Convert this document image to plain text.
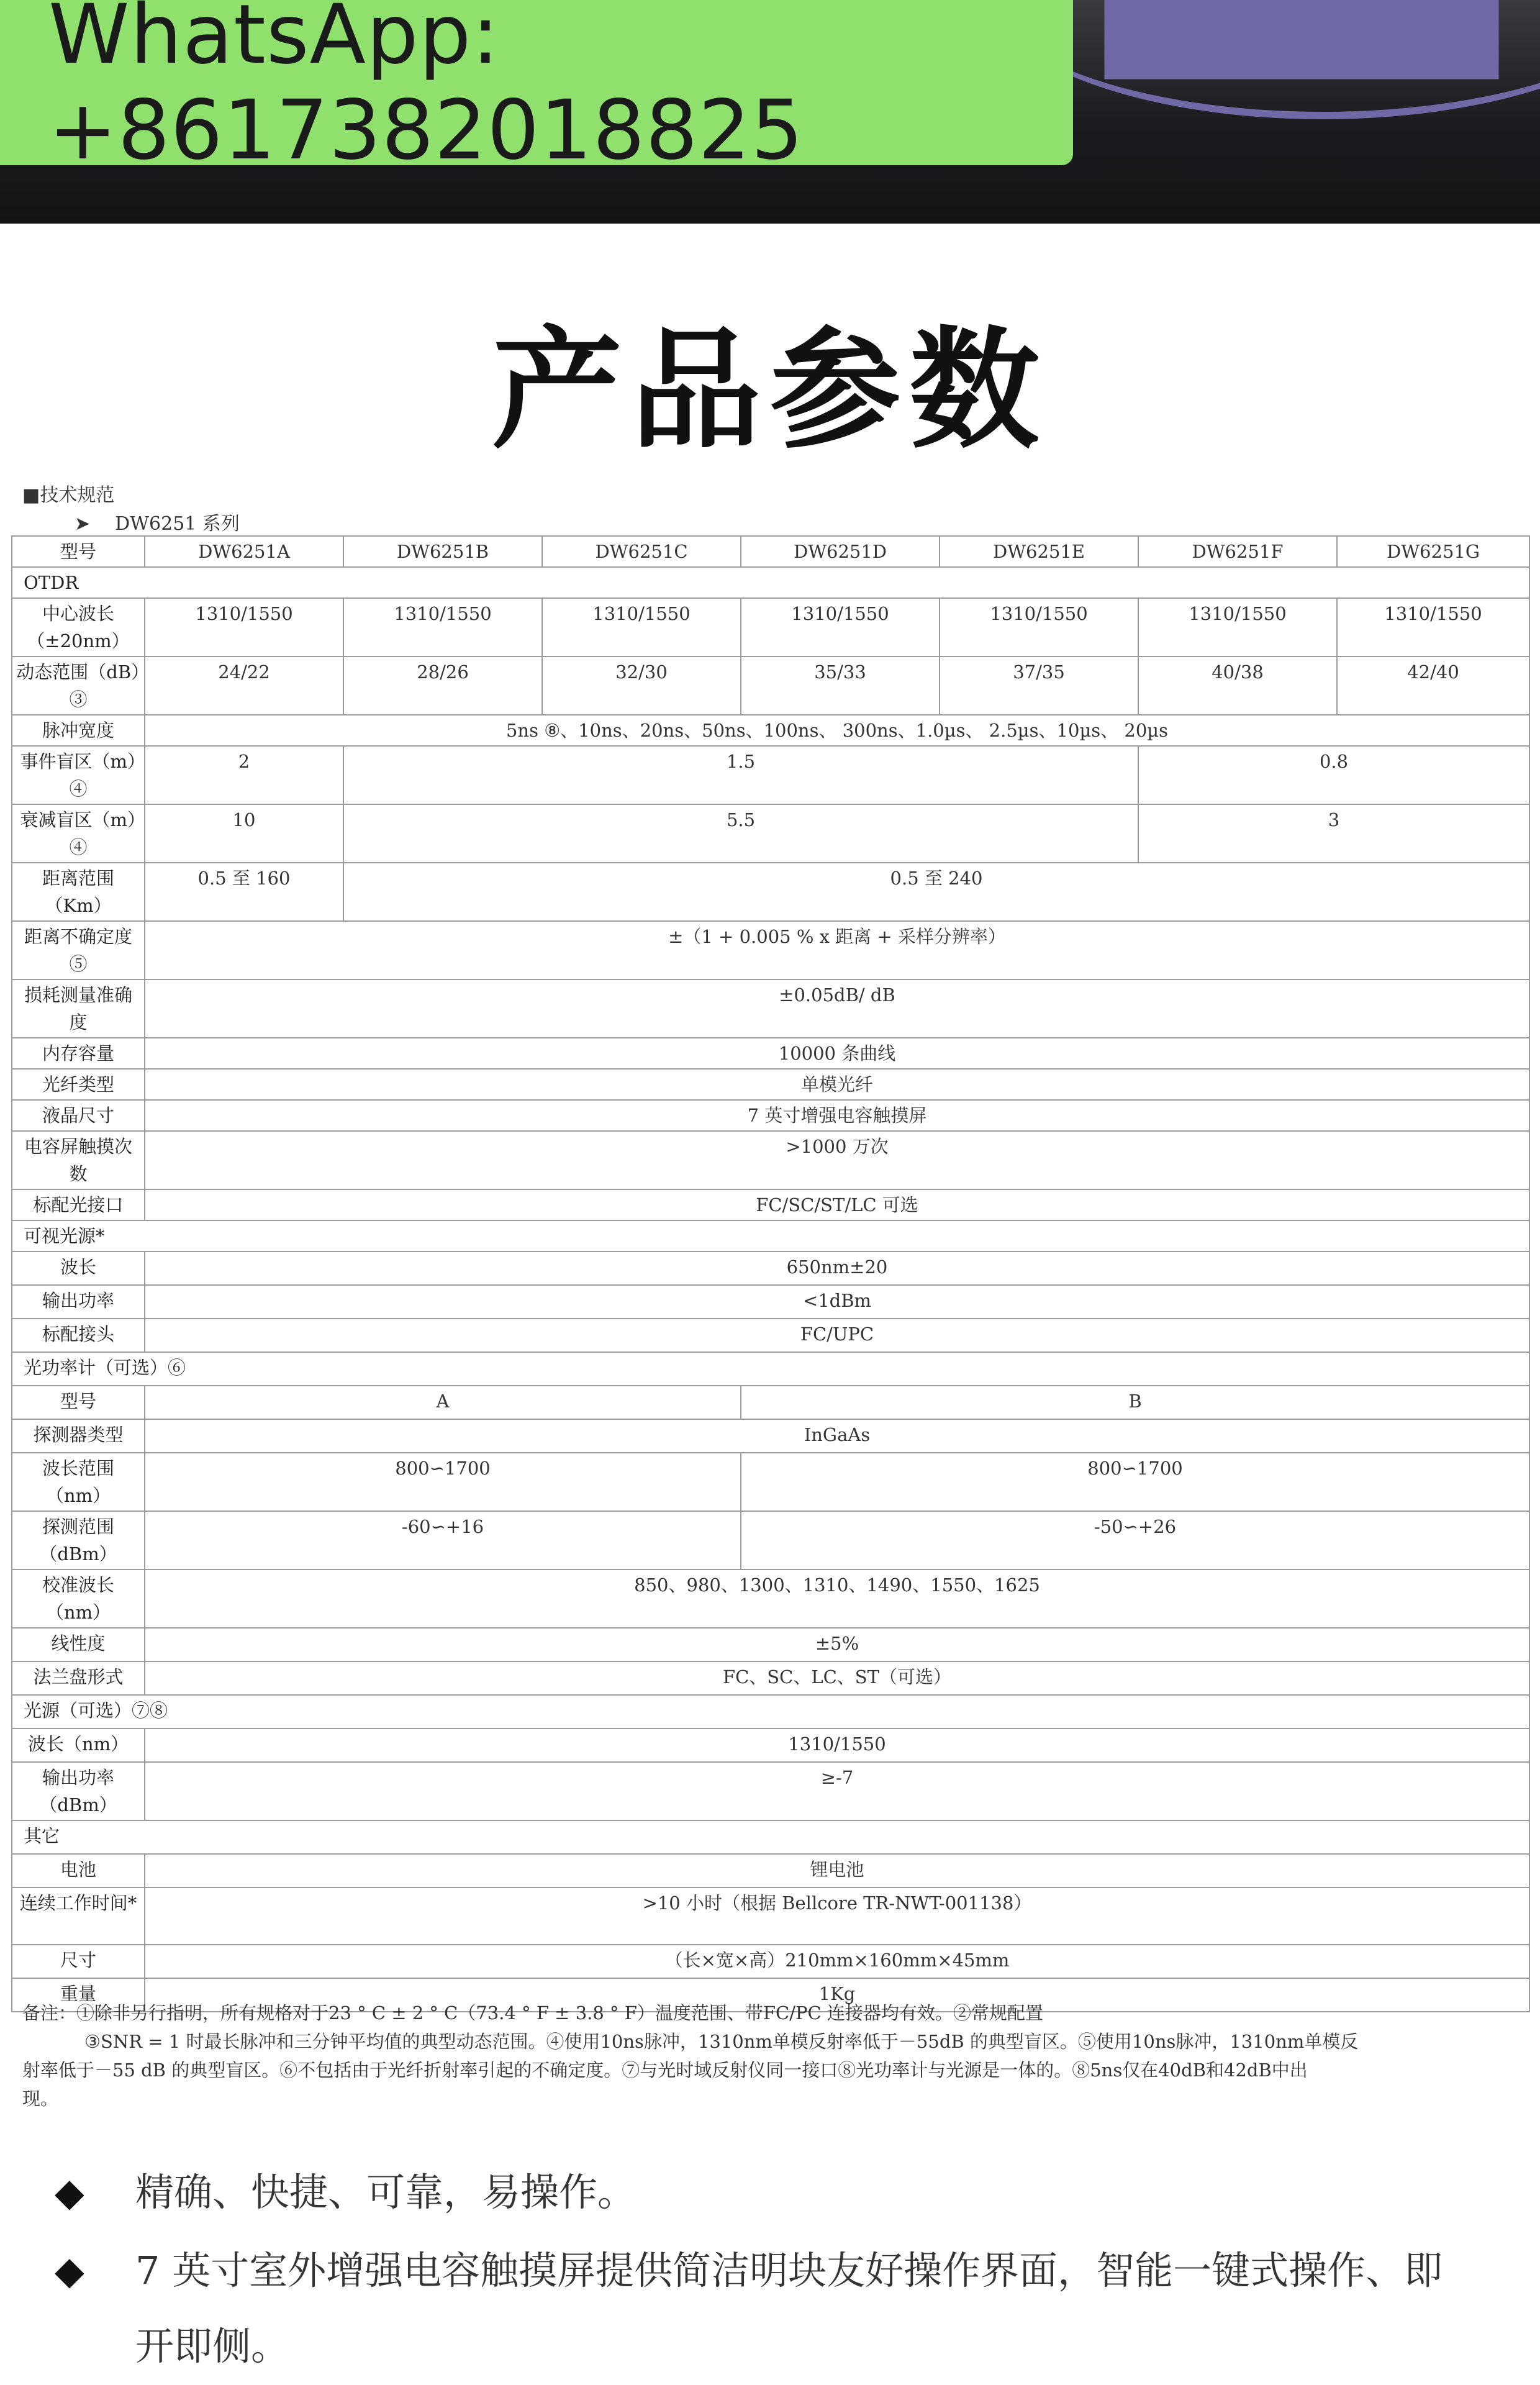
WhatsApp: +8617382018825
产品参数
■技术规范
➤ DW6251 系列
型号	DW6251A	DW6251B	DW6251C	DW6251D	DW6251E	DW6251F	DW6251G
OTDR							
中心波长（±20nm）	1310/1550	1310/1550	1310/1550	1310/1550	1310/1550	1310/1550	1310/1550
动态范围（dB）③	24/22	28/26	32/30	35/33	37/35	40/38	42/40
脉冲宽度	5ns ⑧、10ns、20ns、50ns、100ns、 300ns、1.0µs、 2.5µs、10µs、 20µs						
事件盲区（m）④	2	1.5				0.8	
衰减盲区（m）④	10	5.5				3	
距离范围（Km）	0.5 至 160	0.5 至 240					
距离不确定度⑤	±（1 + 0.005 % x 距离 + 采样分辨率）						
损耗测量准确度	±0.05dB/ dB						
内存容量	10000 条曲线						
光纤类型	单模光纤						
液晶尺寸	7 英寸增强电容触摸屏						
电容屏触摸次数	>1000 万次						
标配光接口	FC/SC/ST/LC 可选						
可视光源*							
波长	650nm±20						
输出功率	<1dBm						
标配接头	FC/UPC						
光功率计（可选）⑥							
型号	A			B			
探测器类型	InGaAs						
波长范围（nm）	800∽1700			800∽1700			
探测范围（dBm）	-60∽+16			-50∽+26			
校准波长（nm）	850、980、1300、1310、1490、1550、1625						
线性度	±5%						
法兰盘形式	FC、SC、LC、ST（可选）						
光源（可选）⑦⑧							
波长（nm）	1310/1550						
输出功率（dBm）	≥-7						
其它							
电池	锂电池						
连续工作时间*	>10 小时（根据 Bellcore TR-NWT-001138）						
尺寸	（长×宽×高）210mm×160mm×45mm						
重量	1Kg						

备注：①除非另行指明，所有规格对于23 ° C ± 2 ° C（73.4 ° F ± 3.8 ° F）温度范围、带FC/PC 连接器均有效。②常规配置

③SNR = 1 时最长脉冲和三分钟平均值的典型动态范围。④使用10ns脉冲，1310nm单模反射率低于－55dB 的典型盲区。⑤使用10ns脉冲，1310nm单模反

射率低于－55 dB 的典型盲区。⑥不包括由于光纤折射率引起的不确定度。⑦与光时域反射仪同一接口⑧光功率计与光源是一体的。⑧5ns仅在40dB和42dB中出

现。

◆ 精确、快捷、可靠，易操作。
◆ 7 英寸室外增强电容触摸屏提供简洁明块友好操作界面，智能一键式操作、即
开即侧。
